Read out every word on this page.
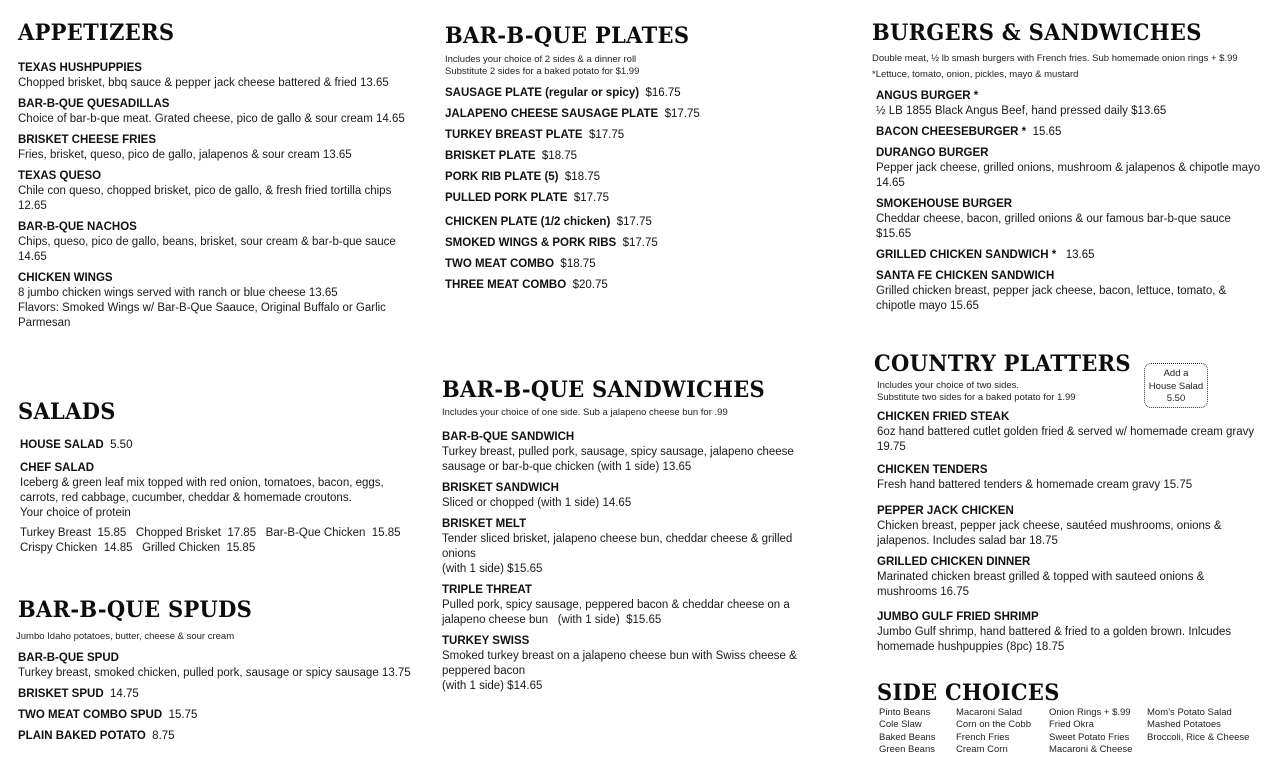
APPETIZERS
TEXAS HUSHPUPPIES
Chopped brisket, bbq sauce & pepper jack cheese battered & fried 13.65
BAR-B-QUE QUESADILLAS
Choice of bar-b-que meat. Grated cheese, pico de gallo & sour cream 14.65
BRISKET CHEESE FRIES
Fries, brisket, queso, pico de gallo, jalapenos & sour cream 13.65
TEXAS QUESO
Chile con queso, chopped brisket, pico de gallo, & fresh fried tortilla chips
12.65
BAR-B-QUE NACHOS
Chips, queso, pico de gallo, beans, brisket, sour cream & bar-b-que sauce
14.65
CHICKEN WINGS
8 jumbo chicken wings served with ranch or blue cheese 13.65
Flavors: Smoked Wings w/ Bar-B-Que Saauce, Original Buffalo or Garlic
Parmesan
SALADS
HOUSE SALAD 5.50
CHEF SALAD
Iceberg & green leaf mix topped with red onion, tomatoes, bacon, eggs,
carrots, red cabbage, cucumber, cheddar & homemade croutons.
Your choice of protein
Turkey Breast  15.85   Chopped Brisket  17.85   Bar-B-Que Chicken  15.85
Crispy Chicken  14.85   Grilled Chicken  15.85
BAR-B-QUE SPUDS
Jumbo Idaho potatoes, butter, cheese & sour cream
BAR-B-QUE SPUD
Turkey breast, smoked chicken, pulled pork, sausage or spicy sausage 13.75
BRISKET SPUD 14.75
TWO MEAT COMBO SPUD 15.75
PLAIN BAKED POTATO 8.75
BAR-B-QUE PLATES
Includes your choice of 2 sides & a dinner roll
Substitute 2 sides for a baked potato for $1.99
SAUSAGE PLATE (regular or spicy) $16.75
JALAPENO CHEESE SAUSAGE PLATE $17.75
TURKEY BREAST PLATE $17.75
BRISKET PLATE $18.75
PORK RIB PLATE (5) $18.75
PULLED PORK PLATE $17.75
CHICKEN PLATE (1/2 chicken) $17.75
SMOKED WINGS & PORK RIBS $17.75
TWO MEAT COMBO $18.75
THREE MEAT COMBO $20.75
BAR-B-QUE SANDWICHES
Includes your choice of one side. Sub a jalapeno cheese bun for .99
BAR-B-QUE SANDWICH
Turkey breast, pulled pork, sausage, spicy sausage, jalapeno cheese
sausage or bar-b-que chicken (with 1 side) 13.65
BRISKET SANDWICH
Sliced or chopped (with 1 side) 14.65
BRISKET MELT
Tender sliced brisket, jalapeno cheese bun, cheddar cheese & grilled
onions
(with 1 side) $15.65
TRIPLE THREAT
Pulled pork, spicy sausage, peppered bacon & cheddar cheese on a
jalapeno cheese bun   (with 1 side)  $15.65
TURKEY SWISS
Smoked turkey breast on a jalapeno cheese bun with Swiss cheese &
peppered bacon
(with 1 side) $14.65
BURGERS & SANDWICHES
Double meat, ½ lb smash burgers with French fries. Sub homemade onion rings + $.99
*Lettuce, tomato, onion, pickles, mayo & mustard
ANGUS BURGER *
½ LB 1855 Black Angus Beef, hand pressed daily $13.65
BACON CHEESEBURGER * 15.65
DURANGO BURGER
Pepper jack cheese, grilled onions, mushroom & jalapenos & chipotle mayo
14.65
SMOKEHOUSE BURGER
Cheddar cheese, bacon, grilled onions & our famous bar-b-que sauce
$15.65
GRILLED CHICKEN SANDWICH * 13.65
SANTA FE CHICKEN SANDWICH
Grilled chicken breast, pepper jack cheese, bacon, lettuce, tomato, &
chipotle mayo 15.65
COUNTRY PLATTERS
Includes your choice of two sides.
Substitute two sides for a baked potato for 1.99
CHICKEN FRIED STEAK
6oz hand battered cutlet golden fried & served w/ homemade cream gravy
19.75
CHICKEN TENDERS
Fresh hand battered tenders & homemade cream gravy 15.75
PEPPER JACK CHICKEN
Chicken breast, pepper jack cheese, sautéed mushrooms, onions &
jalapenos. Includes salad bar 18.75
GRILLED CHICKEN DINNER
Marinated chicken breast grilled & topped with sauteed onions &
mushrooms 16.75
JUMBO GULF FRIED SHRIMP
Jumbo Gulf shrimp, hand battered & fried to a golden brown. Inlcudes
homemade hushpuppies (8pc) 18.75
Add a
House Salad
5.50
SIDE CHOICES
Pinto Beans
Cole Slaw
Baked Beans
Green Beans
Macaroni Salad
Corn on the Cobb
French Fries
Cream Corn
Onion Rings + $.99
Fried Okra
Sweet Potato Fries
Macaroni & Cheese
Mom’s Potato Salad
Mashed Potatoes
Broccoli, Rice & Cheese
